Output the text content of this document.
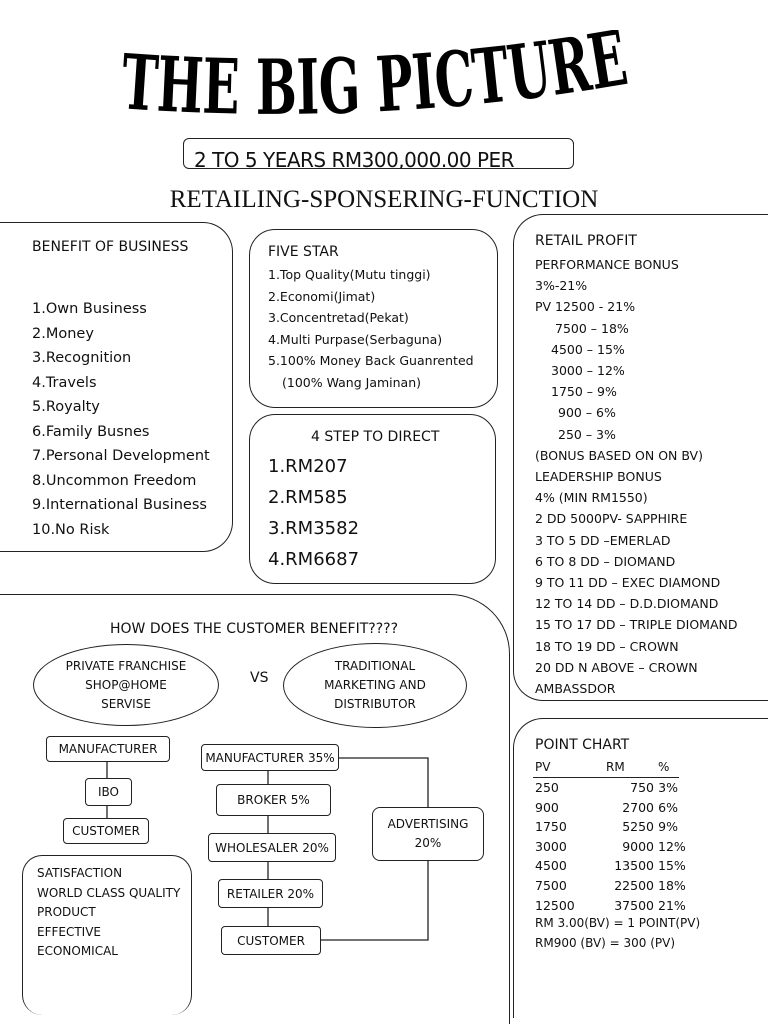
THE BIG PICTURE
2 TO 5 YEARS RM300,000.00 PER
RETAILING-SPONSERING-FUNCTION
BENEFIT OF BUSINESS
1.Own Business
2.Money
3.Recognition
4.Travels
5.Royalty
6.Family Busnes
7.Personal Development
8.Uncommon Freedom
9.International Business
10.No Risk
FIVE STAR
1.Top Quality(Mutu tinggi)
2.Economi(Jimat)
3.Concentretad(Pekat)
4.Multi Purpase(Serbaguna)
5.100% Money Back Guanrented
(100% Wang Jaminan)
4 STEP TO DIRECT
1.RM207
2.RM585
3.RM3582
4.RM6687
RETAIL PROFIT
PERFORMANCE BONUS
3%-21%
PV 12500 - 21%
7500 – 18%
4500 – 15%
3000 – 12%
1750 – 9%
900 – 6%
250 – 3%
(BONUS BASED ON ON BV)
LEADERSHIP BONUS
4% (MIN RM1550)
2 DD 5000PV- SAPPHIRE
3 TO 5 DD –EMERLAD
6 TO 8 DD – DIOMAND
9 TO 11 DD – EXEC DIAMOND
12 TO 14 DD – D.D.DIOMAND
15 TO 17 DD – TRIPLE DIOMAND
18 TO 19 DD – CROWN
20 DD N ABOVE – CROWN
AMBASSDOR
HOW DOES THE CUSTOMER BENEFIT????
PRIVATE FRANCHISE
SHOP@HOME
SERVISE
VS
TRADITIONAL
MARKETING AND
DISTRIBUTOR
MANUFACTURER
IBO
CUSTOMER
MANUFACTURER 35%
BROKER 5%
WHOLESALER 20%
RETAILER 20%
CUSTOMER
ADVERTISING
20%
SATISFACTION
WORLD CLASS QUALITY
PRODUCT
EFFECTIVE
ECONOMICAL
POINT CHART
PV	RM	%
250	750 3%
900	2700 6%
1750	5250 9%
3000	9000 12%
4500	13500 15%
7500	22500 18%
12500	37500 21%
RM 3.00(BV) = 1 POINT(PV)
RM900 (BV) = 300 (PV)
